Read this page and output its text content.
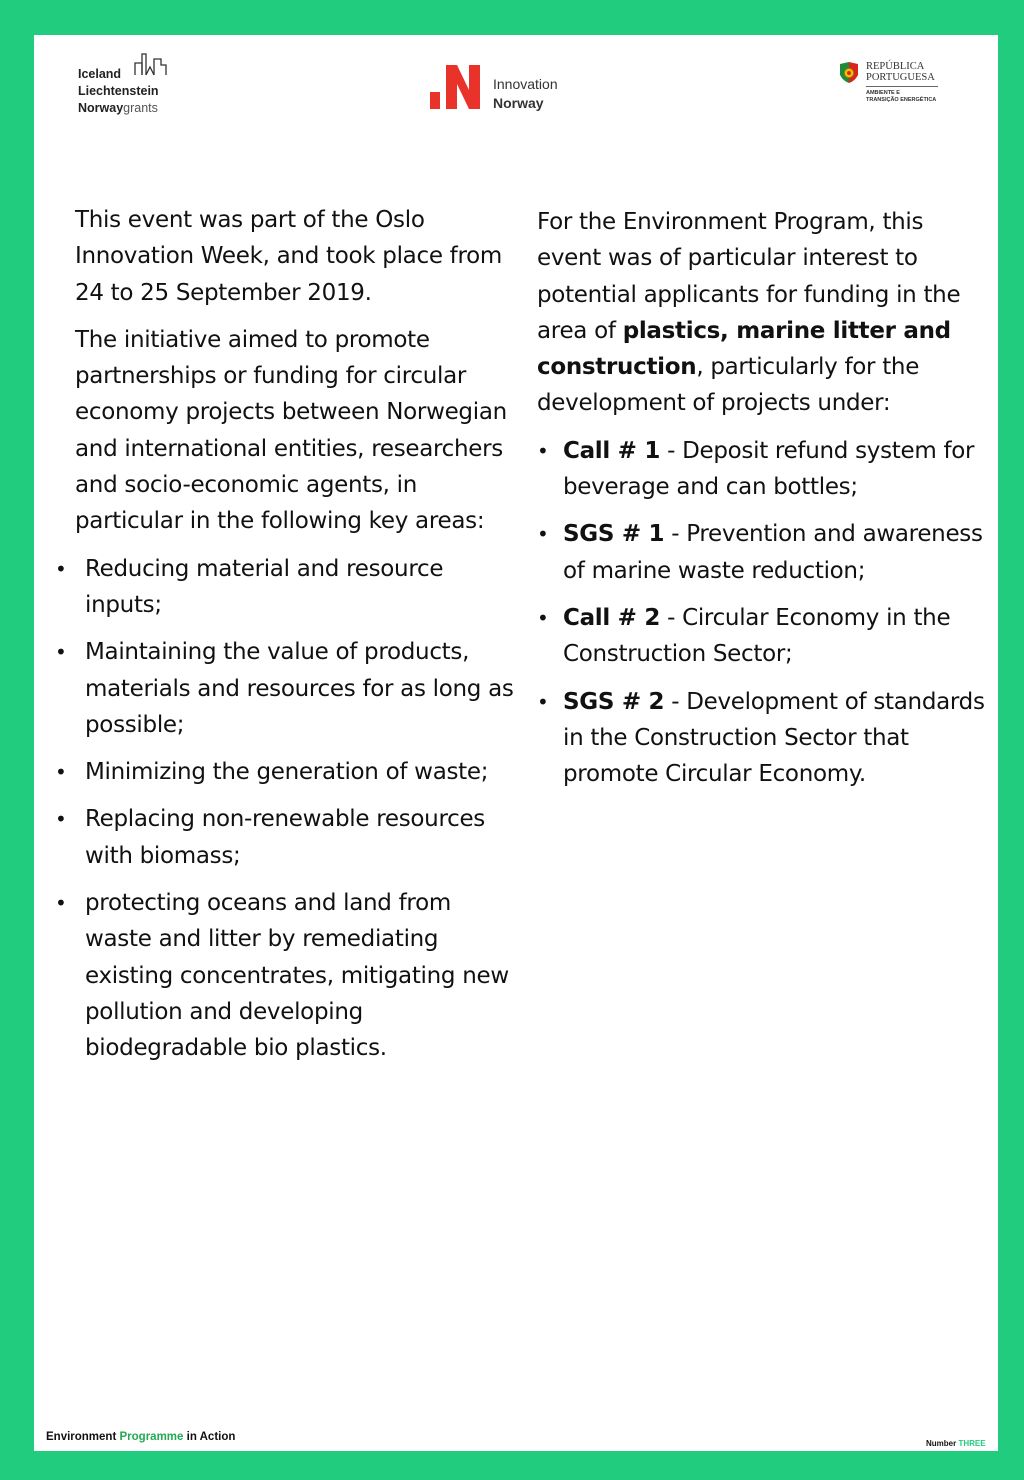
Iceland
Liechtenstein
Norwaygrants
Innovation
Norway
REPÚBLICA
PORTUGUESA
AMBIENTE E
TRANSIÇÃO ENERGÉTICA

This event was part of the Oslo Innovation Week, and took place from 24 to 25 September 2019.

The initiative aimed to promote partnerships or funding for circular economy projects between Norwegian and international entities, researchers and socio-economic agents, in particular in the following key areas:

• Reducing material and resource inputs;
• Maintaining the value of products, materials and resources for as long as possible;
• Minimizing the generation of waste;
• Replacing non-renewable resources with biomass;
• protecting oceans and land from waste and litter by remediating existing concentrates, mitigating new pollution and developing biodegradable bio plastics.

For the Environment Program, this event was of particular interest to potential applicants for funding in the area of plastics, marine litter and construction, particularly for the development of projects under:

• Call # 1 - Deposit refund system for beverage and can bottles;
• SGS # 1 - Prevention and awareness of marine waste reduction;
• Call # 2 - Circular Economy in the Construction Sector;
• SGS # 2 - Development of standards in the Construction Sector that promote Circular Economy.
Environment Programme in Action
Number THREE
